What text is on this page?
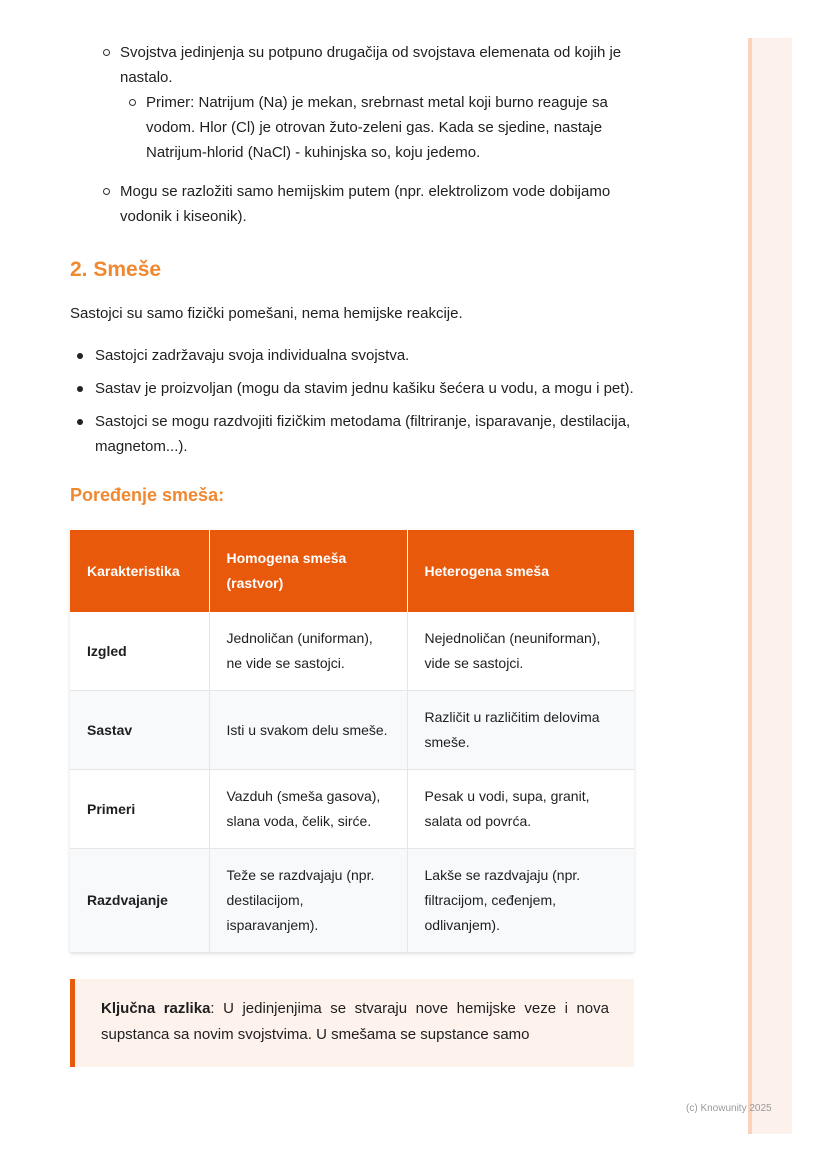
Svojstva jedinjenja su potpuno drugačija od svojstava elemenata od kojih je nastalo.
Primer: Natrijum (Na) je mekan, srebrnast metal koji burno reaguje sa vodom. Hlor (Cl) je otrovan žuto-zeleni gas. Kada se sjedine, nastaje Natrijum-hlorid (NaCl) - kuhinjska so, koju jedemo.
Mogu se razložiti samo hemijskim putem (npr. elektrolizom vode dobijamo vodonik i kiseonik).
2. Smeše

Sastojci su samo fizički pomešani, nema hemijske reakcije.

Sastojci zadržavaju svoja individualna svojstva.
Sastav je proizvoljan (mogu da stavim jednu kašiku šećera u vodu, a mogu i pet).
Sastojci se mogu razdvojiti fizičkim metodama (filtriranje, isparavanje, destilacija, magnetom...).
Poređenje smeša:
Karakteristika	Homogena smeša (rastvor)	Heterogena smeša
Izgled	Jednoličan (uniforman), ne vide se sastojci.	Nejednoličan (neuniforman), vide se sastojci.
Sastav	Isti u svakom delu smeše.	Različit u različitim delovima smeše.
Primeri	Vazduh (smeša gasova), slana voda, čelik, sirće.	Pesak u vodi, supa, granit, salata od povrća.
Razdvajanje	Teže se razdvajaju (npr. destilacijom, isparavanjem).	Lakše se razdvajaju (npr. filtracijom, ceđenjem, odlivanjem).
Ključna razlika: U jedinjenjima se stvaraju nove hemijske veze i nova supstanca sa novim svojstvima. U smešama se supstance samo
(c) Knowunity 2025
